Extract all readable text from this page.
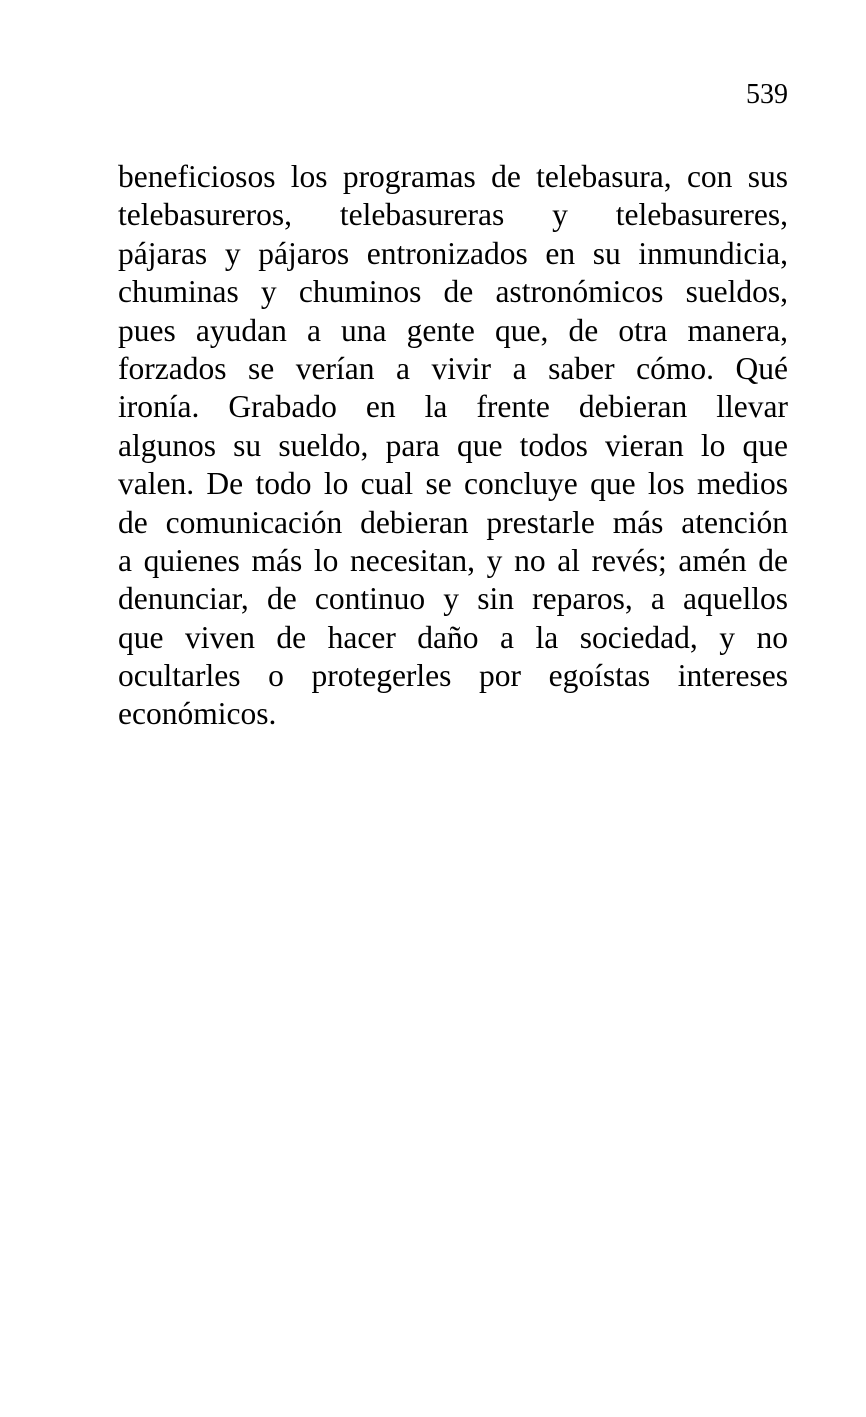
539
beneficiosos los programas de telebasura, con sus
telebasureros, telebasureras y telebasureres,
pájaras y pájaros entronizados en su inmundicia,
chuminas y chuminos de astronómicos sueldos,
pues ayudan a una gente que, de otra manera,
forzados se verían a vivir a saber cómo. Qué
ironía. Grabado en la frente debieran llevar
algunos su sueldo, para que todos vieran lo que
valen. De todo lo cual se concluye que los medios
de comunicación debieran prestarle más atención
a quienes más lo necesitan, y no al revés; amén de
denunciar, de continuo y sin reparos, a aquellos
que viven de hacer daño a la sociedad, y no
ocultarles o protegerles por egoístas intereses
económicos.
